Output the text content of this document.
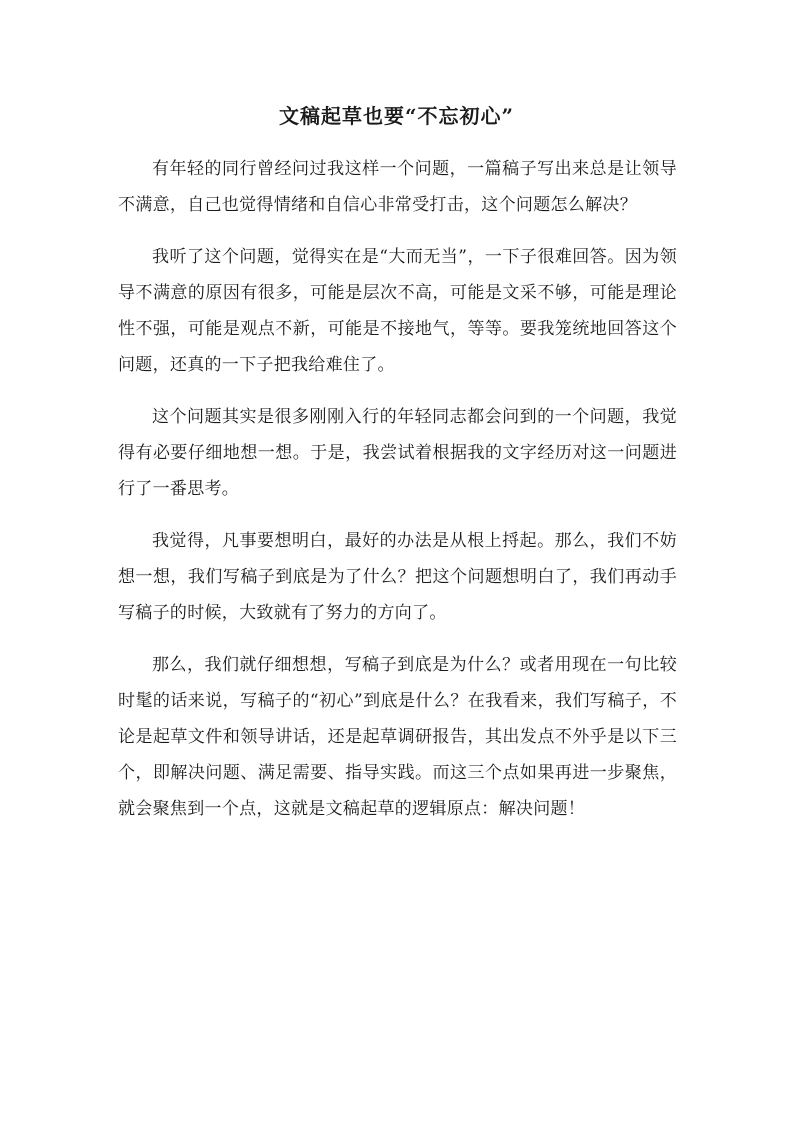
文稿起草也要“不忘初心”

有年轻的同行曾经问过我这样一个问题，一篇稿子写出来总是让领导不满意，自己也觉得情绪和自信心非常受打击，这个问题怎么解决？

我听了这个问题，觉得实在是“大而无当”，一下子很难回答。因为领导不满意的原因有很多，可能是层次不高，可能是文采不够，可能是理论性不强，可能是观点不新，可能是不接地气，等等。要我笼统地回答这个问题，还真的一下子把我给难住了。

这个问题其实是很多刚刚入行的年轻同志都会问到的一个问题，我觉得有必要仔细地想一想。于是，我尝试着根据我的文字经历对这一问题进行了一番思考。

我觉得，凡事要想明白，最好的办法是从根上捋起。那么，我们不妨想一想，我们写稿子到底是为了什么？把这个问题想明白了，我们再动手写稿子的时候，大致就有了努力的方向了。

那么，我们就仔细想想，写稿子到底是为什么？或者用现在一句比较时髦的话来说，写稿子的“初心”到底是什么？在我看来，我们写稿子，不论是起草文件和领导讲话，还是起草调研报告，其出发点不外乎是以下三个，即解决问题、满足需要、指导实践。而这三个点如果再进一步聚焦，就会聚焦到一个点，这就是文稿起草的逻辑原点：解决问题！
